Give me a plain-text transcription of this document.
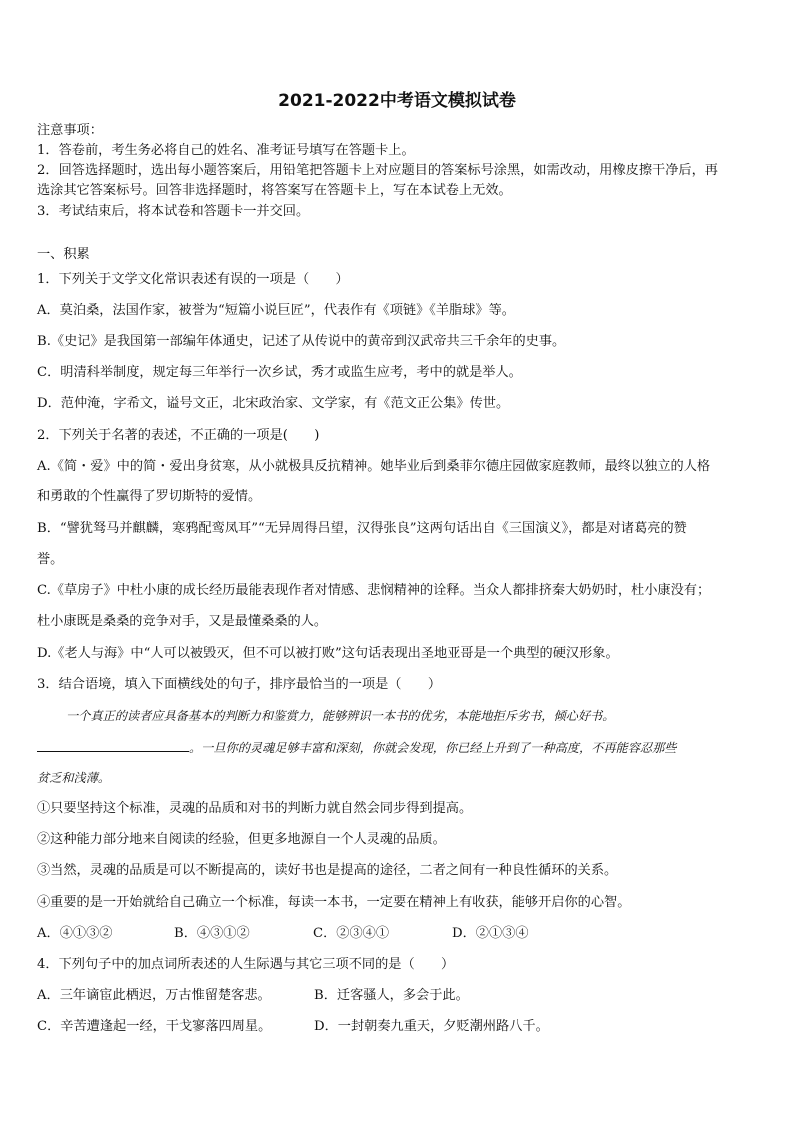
2021-2022中考语文模拟试卷
注意事项：
1．答卷前，考生务必将自己的姓名、准考证号填写在答题卡上。
2．回答选择题时，选出每小题答案后，用铅笔把答题卡上对应题目的答案标号涂黑，如需改动，用橡皮擦干净后，再
选涂其它答案标号。回答非选择题时，将答案写在答题卡上，写在本试卷上无效。
3．考试结束后，将本试卷和答题卡一并交回。
一、积累
1．下列关于文学文化常识表述有误的一项是（　　）
A．莫泊桑，法国作家，被誉为“短篇小说巨匠”，代表作有《项链》《羊脂球》等。
B.《史记》是我国第一部编年体通史，记述了从传说中的黄帝到汉武帝共三千余年的史事。
C．明清科举制度，规定每三年举行一次乡试，秀才或监生应考，考中的就是举人。
D．范仲淹，字希文，谥号文正，北宋政治家、文学家，有《范文正公集》传世。
2．下列关于名著的表述，不正确的一项是(　　)
A.《简・爱》中的简・爱出身贫寒，从小就极具反抗精神。她毕业后到桑菲尔德庄园做家庭教师，最终以独立的人格
和勇敢的个性赢得了罗切斯特的爱情。
B．“譬犹驽马并麒麟，寒鸦配鸾凤耳”“无异周得吕望，汉得张良”这两句话出自《三国演义》，都是对诸葛亮的赞
誉。
C.《草房子》中杜小康的成长经历最能表现作者对情感、悲悯精神的诠释。当众人都排挤秦大奶奶时，杜小康没有；
杜小康既是桑桑的竞争对手，又是最懂桑桑的人。
D.《老人与海》中“人可以被毁灭，但不可以被打败”这句话表现出圣地亚哥是一个典型的硬汉形象。
3．结合语境，填入下面横线处的句子，排序最恰当的一项是（　　）
一个真正的读者应具备基本的判断力和鉴赏力，能够辨识一本书的优劣，本能地拒斥劣书，倾心好书。
。一旦你的灵魂足够丰富和深刻，你就会发现，你已经上升到了一种高度，不再能容忍那些
贫乏和浅薄。
①只要坚持这个标准，灵魂的品质和对书的判断力就自然会同步得到提高。
②这种能力部分地来自阅读的经验，但更多地源自一个人灵魂的品质。
③当然，灵魂的品质是可以不断提高的，读好书也是提高的途径，二者之间有一种良性循环的关系。
④重要的是一开始就给自己确立一个标准，每读一本书，一定要在精神上有收获，能够开启你的心智。
A．④①③②	B．④③①②	C．②③④①	D．②①③④
4．下列句子中的加点词所表述的人生际遇与其它三项不同的是（　　）
A．三年谪宦此栖迟，万古惟留楚客悲。	B．迁客骚人，多会于此。
C．辛苦遭逢起一经，干戈寥落四周星。	D．一封朝奏九重天，夕贬潮州路八千。
